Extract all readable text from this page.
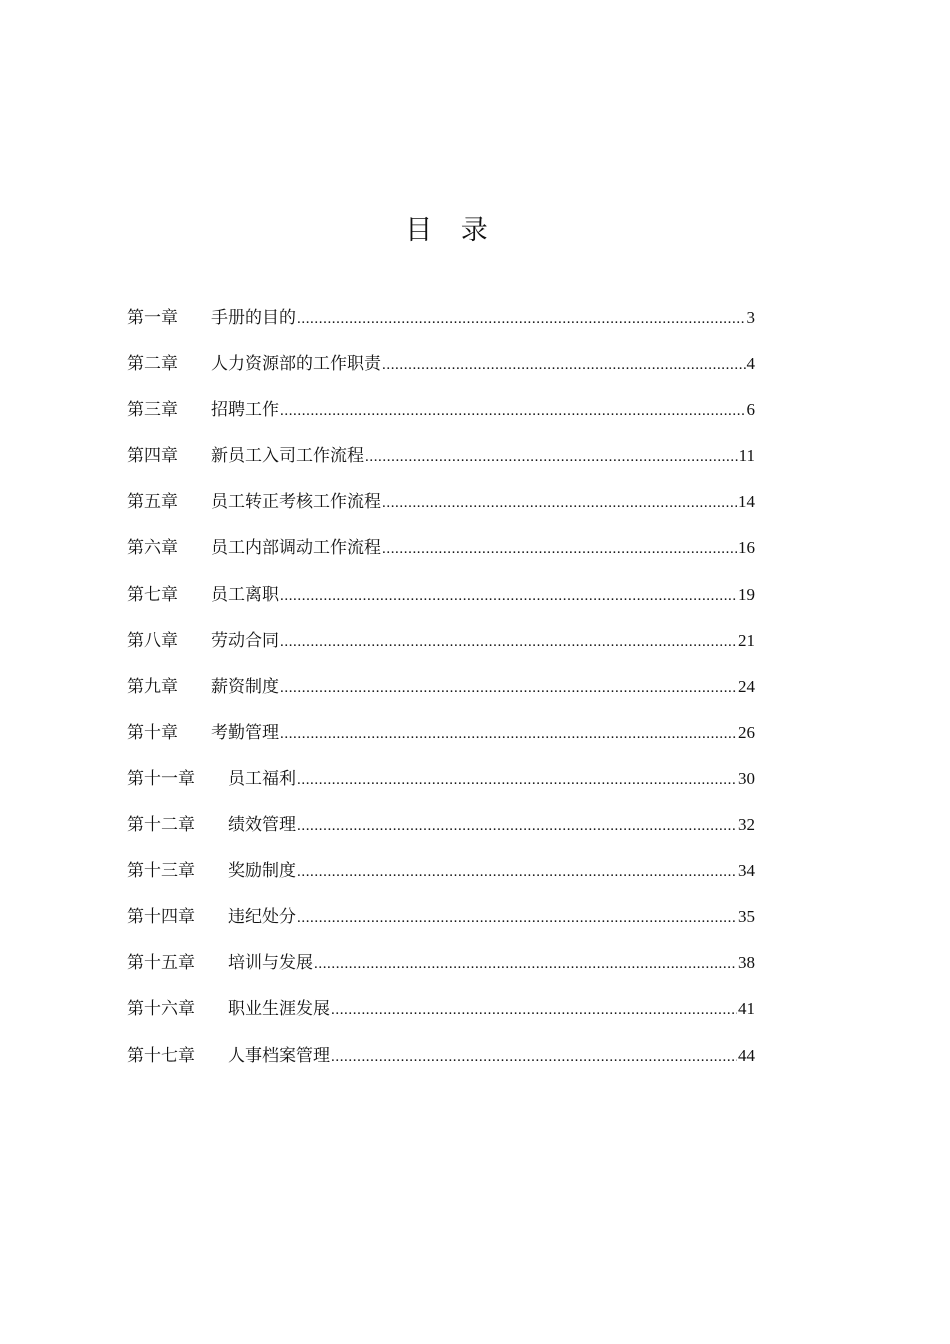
目 录
第一章	手册的目的 .....	3
第二章	人力资源部的工作职责 .....	4
第三章	招聘工作 .....	6
第四章	新员工入司工作流程 .....	11
第五章	员工转正考核工作流程 .....	14
第六章	员工内部调动工作流程 .....	16
第七章	员工离职 .....	19
第八章	劳动合同 .....	21
第九章	薪资制度 .....	24
第十章	考勤管理 .....	26
第十一章	员工福利 .....	30
第十二章	绩效管理 .....	32
第十三章	奖励制度 .....	34
第十四章	违纪处分 .....	35
第十五章	培训与发展 .....	38
第十六章	职业生涯发展 .....	41
第十七章	人事档案管理 .....	44
